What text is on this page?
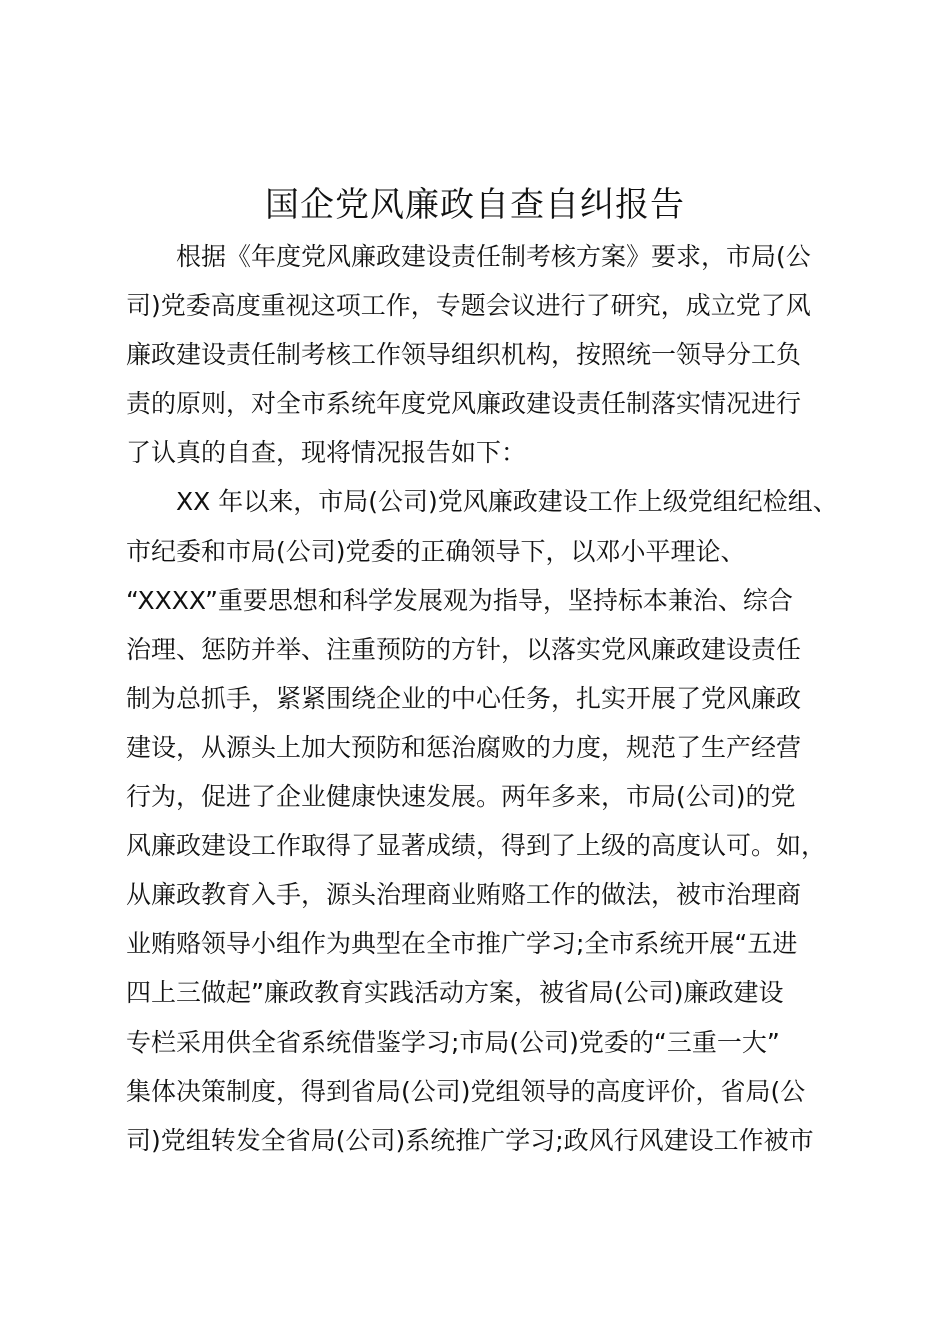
国企党风廉政自查自纠报告
根据《年度党风廉政建设责任制考核方案》要求，市局(公
司)党委高度重视这项工作，专题会议进行了研究，成立党了风
廉政建设责任制考核工作领导组织机构，按照统一领导分工负
责的原则，对全市系统年度党风廉政建设责任制落实情况进行
了认真的自查，现将情况报告如下：
XX 年以来，市局(公司)党风廉政建设工作上级党组纪检组、
市纪委和市局(公司)党委的正确领导下，以邓小平理论、
“XXXX”重要思想和科学发展观为指导，坚持标本兼治、综合
治理、惩防并举、注重预防的方针，以落实党风廉政建设责任
制为总抓手，紧紧围绕企业的中心任务，扎实开展了党风廉政
建设，从源头上加大预防和惩治腐败的力度，规范了生产经营
行为，促进了企业健康快速发展。两年多来，市局(公司)的党
风廉政建设工作取得了显著成绩，得到了上级的高度认可。如，
从廉政教育入手，源头治理商业贿赂工作的做法，被市治理商
业贿赂领导小组作为典型在全市推广学习;全市系统开展“五进
四上三做起”廉政教育实践活动方案，被省局(公司)廉政建设
专栏采用供全省系统借鉴学习;市局(公司)党委的“三重一大”
集体决策制度，得到省局(公司)党组领导的高度评价，省局(公
司)党组转发全省局(公司)系统推广学习;政风行风建设工作被市
